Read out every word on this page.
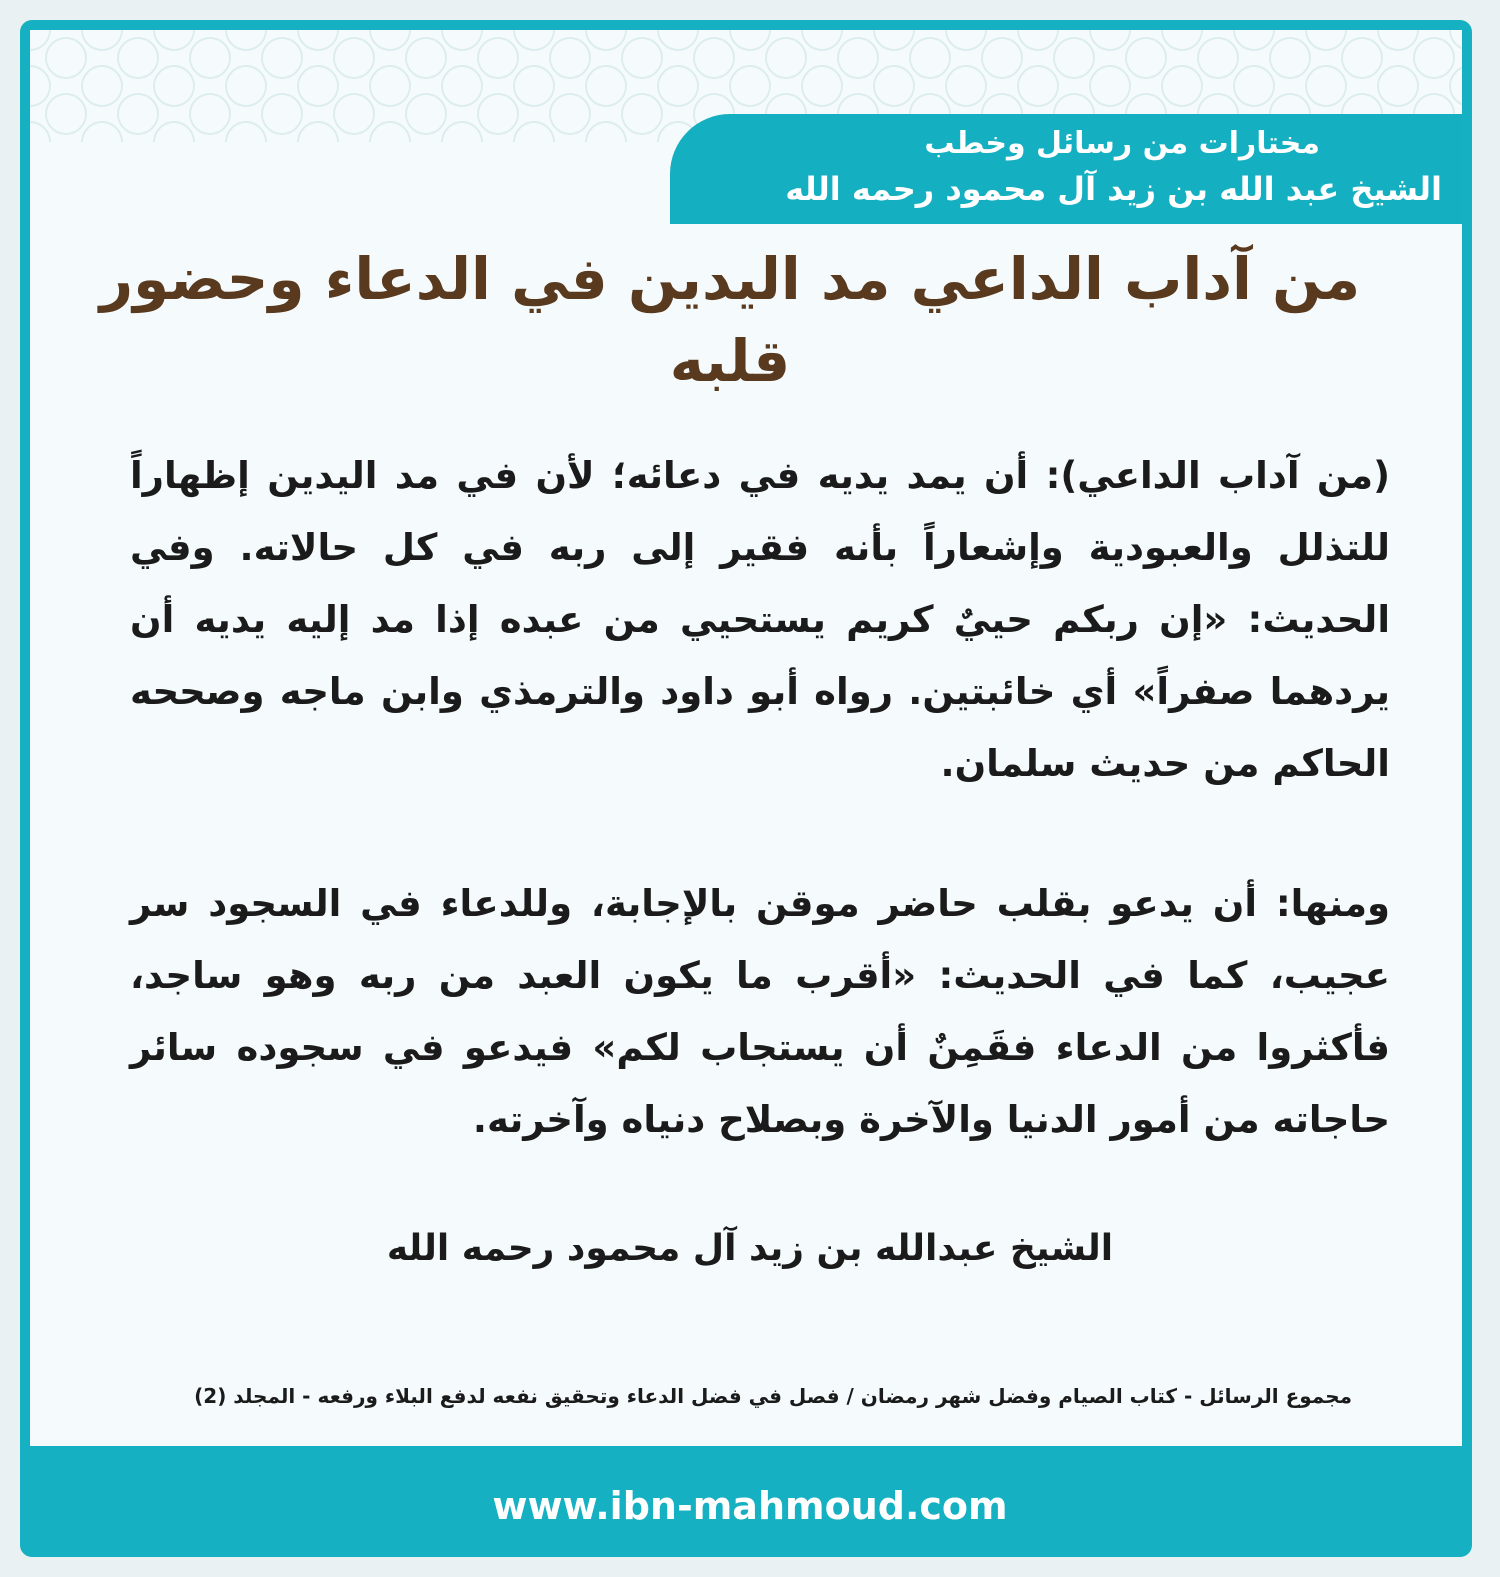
مختارات من رسائل وخطب
الشيخ عبد الله بن زيد آل محمود رحمه الله
من آداب الداعي مد اليدين في الدعاء وحضور قلبه
(من آداب الداعي): أن يمد يديه في دعائه؛ لأن في مد اليدين إظهاراً للتذلل والعبودية وإشعاراً بأنه فقير إلى ربه في كل حالاته. وفي الحديث: «إن ربكم حييٌ كريم يستحيي من عبده إذا مد إليه يديه أن يردهما صفراً» أي خائبتين. رواه أبو داود والترمذي وابن ماجه وصححه الحاكم من حديث سلمان.
ومنها: أن يدعو بقلب حاضر موقن بالإجابة، وللدعاء في السجود سر عجيب، كما في الحديث: «أقرب ما يكون العبد من ربه وهو ساجد، فأكثروا من الدعاء فقَمِنٌ أن يستجاب لكم» فيدعو في سجوده سائر حاجاته من أمور الدنيا والآخرة وبصلاح دنياه وآخرته.
الشيخ عبدالله بن زيد آل محمود رحمه الله
مجموع الرسائل - كتاب الصيام وفضل شهر رمضان / فصل في فضل الدعاء وتحقيق نفعه لدفع البلاء ورفعه - المجلد (2)
www.ibn-mahmoud.com
